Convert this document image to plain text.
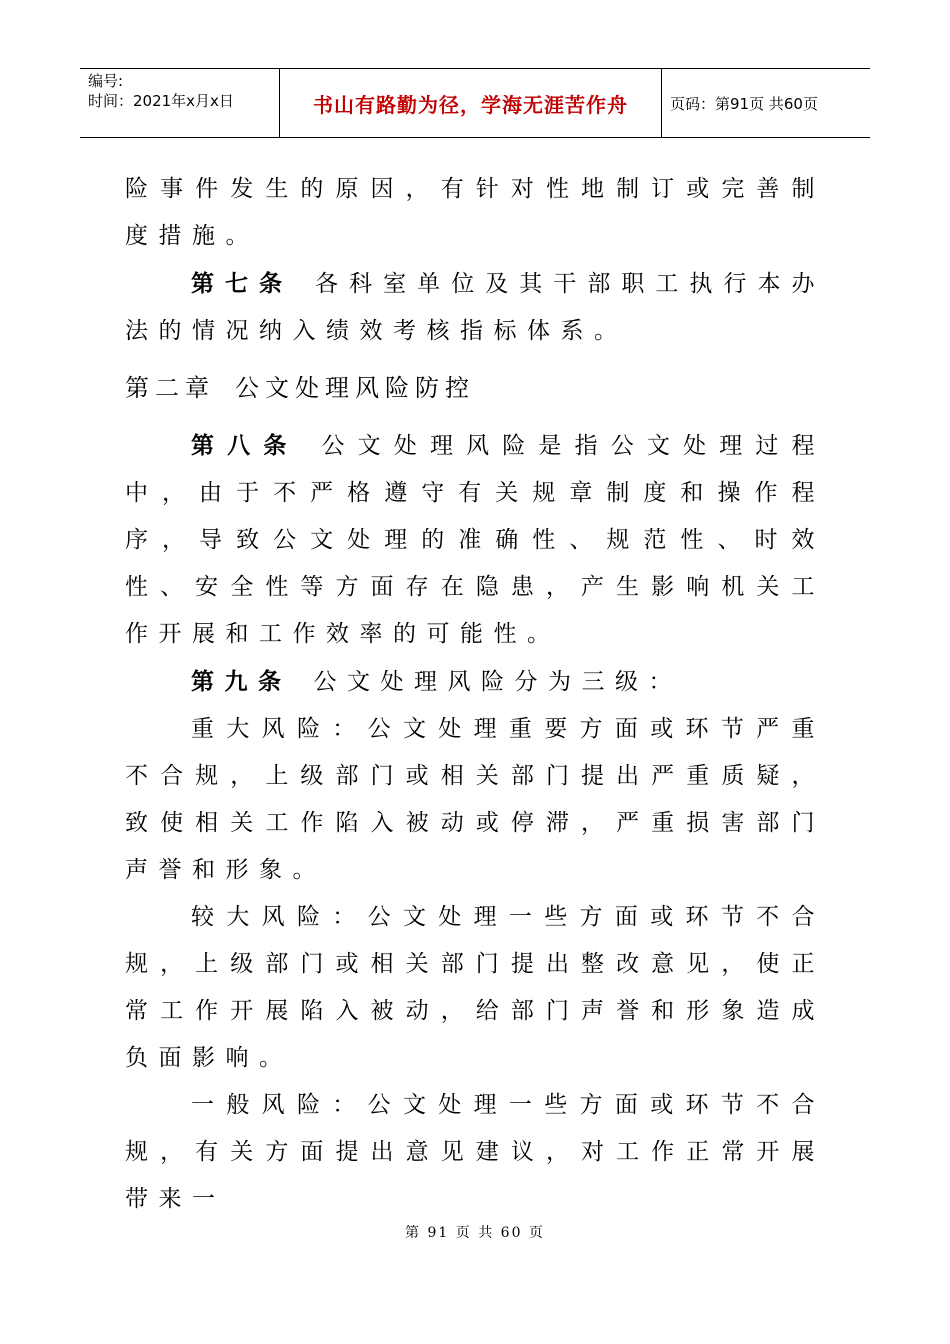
编号:
时间：2021年x月x日	书山有路勤为径，学海无涯苦作舟	页码：第91页 共60页

险事件发生的原因，有针对性地制订或完善制度措施。

第七条 各科室单位及其干部职工执行本办法的情况纳入绩效考核指标体系。

第二章 公文处理风险防控

第八条 公文处理风险是指公文处理过程中，由于不严格遵守有关规章制度和操作程序，导致公文处理的准确性、规范性、时效性、安全性等方面存在隐患，产生影响机关工作开展和工作效率的可能性。

第九条 公文处理风险分为三级：

重大风险：公文处理重要方面或环节严重不合规，上级部门或相关部门提出严重质疑，致使相关工作陷入被动或停滞，严重损害部门声誉和形象。

较大风险：公文处理一些方面或环节不合规，上级部门或相关部门提出整改意见，使正常工作开展陷入被动，给部门声誉和形象造成负面影响。

一般风险：公文处理一些方面或环节不合规，有关方面提出意见建议，对工作正常开展带来一

第 91 页 共 60 页
